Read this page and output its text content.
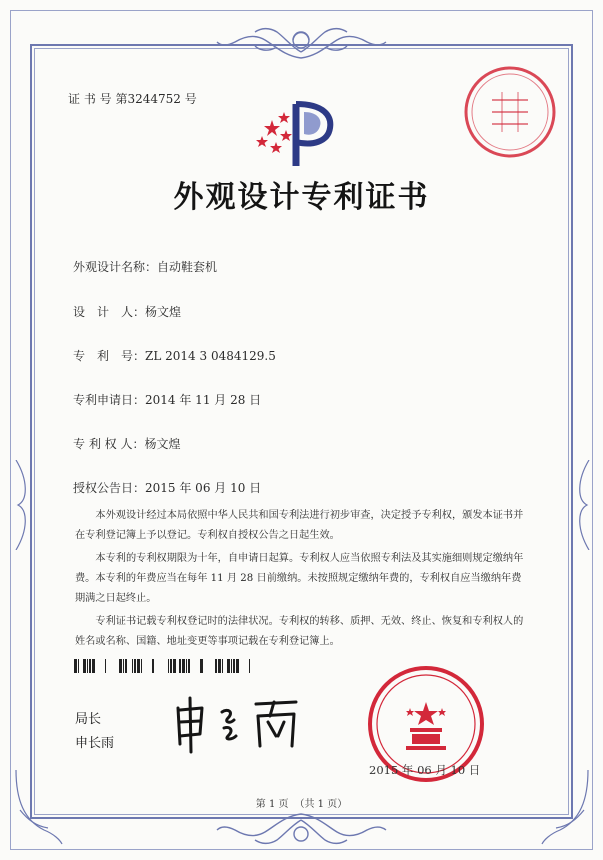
证 书 号 第3244752 号
外观设计专利证书
外观设计名称：自动鞋套机
设　计　人：杨文煌
专　利　号：ZL 2014 3 0484129.5
专利申请日：2014 年 11 月 28 日
专 利 权 人：杨文煌
授权公告日：2015 年 06 月 10 日

本外观设计经过本局依照中华人民共和国专利法进行初步审查，决定授予专利权，颁发本证书并在专利登记簿上予以登记。专利权自授权公告之日起生效。

本专利的专利权期限为十年，自申请日起算。专利权人应当依照专利法及其实施细则规定缴纳年费。本专利的年费应当在每年 11 月 28 日前缴纳。未按照规定缴纳年费的，专利权自应当缴纳年费期满之日起终止。

专利证书记载专利权登记时的法律状况。专利权的转移、质押、无效、终止、恢复和专利权人的姓名或名称、国籍、地址变更等事项记载在专利登记簿上。

局长
申长雨
2015 年 06 月 10 日
第 1 页 （共 1 页）
